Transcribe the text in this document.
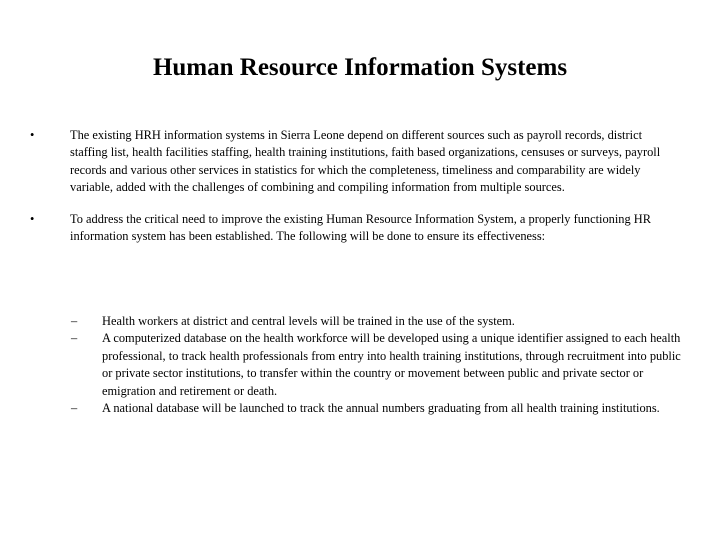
Human Resource Information Systems
•	The existing HRH information systems in Sierra Leone depend on different sources such as payroll records, district staffing list, health facilities staffing, health training institutions, faith based organizations, censuses or surveys, payroll records and various other services in statistics for which the completeness, timeliness and comparability are widely variable, added with the challenges of combining and compiling information from multiple sources.
•	To address the critical need to improve the existing Human Resource Information System, a properly functioning HR information system has been established. The following will be done to ensure its effectiveness:
– Health workers at district and central levels will be trained in the use of the system.
– A computerized database on the health workforce will be developed using a unique identifier assigned to each health professional, to track health professionals from entry into health training institutions, through recruitment into public or private sector institutions, to transfer within the country or movement between public and private sector or emigration and retirement or death.
– A national database will be launched to track the annual numbers graduating from all health training institutions.
